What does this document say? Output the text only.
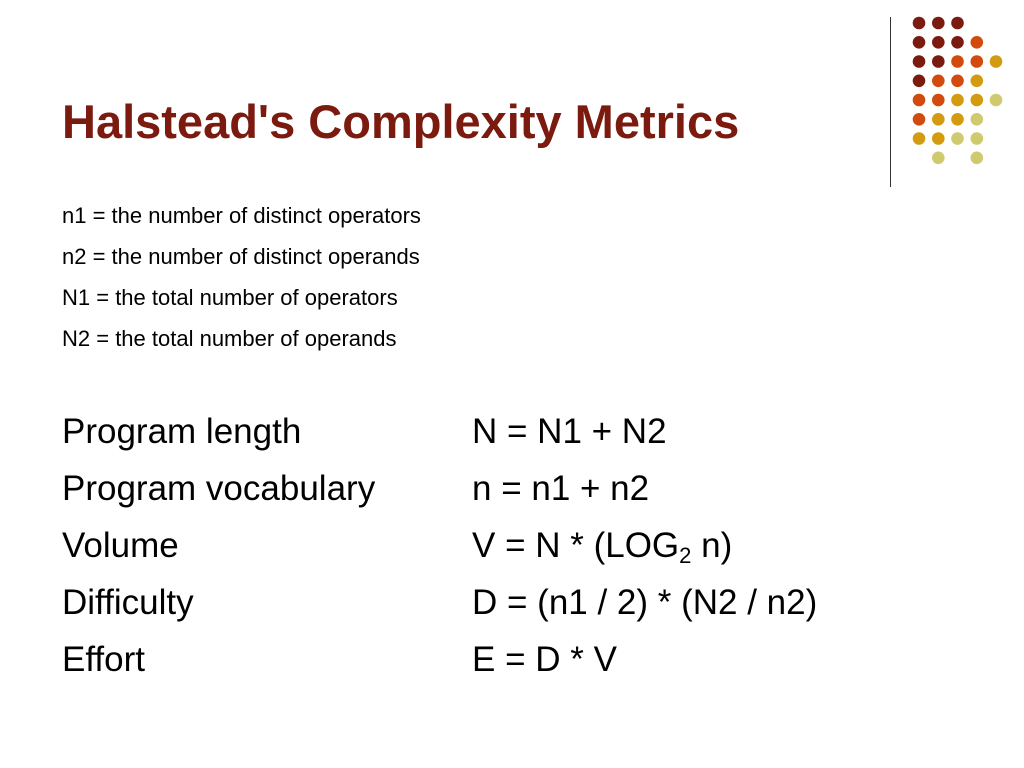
Halstead's Complexity Metrics
n1 = the number of distinct operators
n2 = the number of distinct operands
N1 = the total number of operators
N2 = the total number of operands
Program length	N = N1 + N2
Program vocabulary	n = n1 + n2
Volume	$V = N * (LOG_2$ n)
Difficulty	D = (n1 / 2) * (N2 / n2)
Effort	E = D * V
